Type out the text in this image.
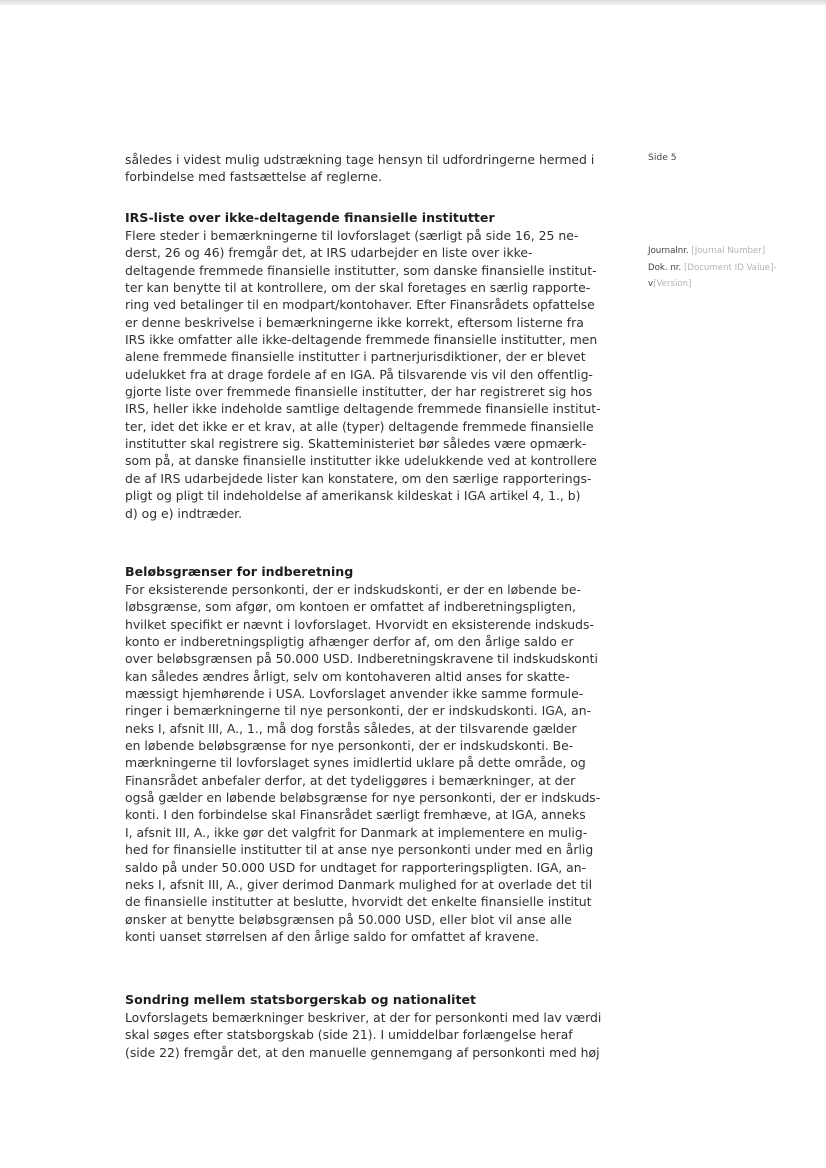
således i videst mulig udstrækning tage hensyn til udfordringerne hermed i
forbindelse med fastsættelse af reglerne.

IRS-liste over ikke-deltagende finansielle institutter

Flere steder i bemærkningerne til lovforslaget (særligt på side 16, 25 ne-
derst, 26 og 46) fremgår det, at IRS udarbejder en liste over ikke-
deltagende fremmede finansielle institutter, som danske finansielle institut-
ter kan benytte til at kontrollere, om der skal foretages en særlig rapporte-
ring ved betalinger til en modpart/kontohaver. Efter Finansrådets opfattelse
er denne beskrivelse i bemærkningerne ikke korrekt, eftersom listerne fra
IRS ikke omfatter alle ikke-deltagende fremmede finansielle institutter, men
alene fremmede finansielle institutter i partnerjurisdiktioner, der er blevet
udelukket fra at drage fordele af en IGA. På tilsvarende vis vil den offentlig-
gjorte liste over fremmede finansielle institutter, der har registreret sig hos
IRS, heller ikke indeholde samtlige deltagende fremmede finansielle institut-
ter, idet det ikke er et krav, at alle (typer) deltagende fremmede finansielle
institutter skal registrere sig. Skatteministeriet bør således være opmærk-
som på, at danske finansielle institutter ikke udelukkende ved at kontrollere
de af IRS udarbejdede lister kan konstatere, om den særlige rapporterings-
pligt og pligt til indeholdelse af amerikansk kildeskat i IGA artikel 4, 1., b)
d) og e) indtræder.

Beløbsgrænser for indberetning

For eksisterende personkonti, der er indskudskonti, er der en løbende be-
løbsgrænse, som afgør, om kontoen er omfattet af indberetningspligten,
hvilket specifikt er nævnt i lovforslaget. Hvorvidt en eksisterende indskuds-
konto er indberetningspligtig afhænger derfor af, om den årlige saldo er
over beløbsgrænsen på 50.000 USD. Indberetningskravene til indskudskonti
kan således ændres årligt, selv om kontohaveren altid anses for skatte-
mæssigt hjemhørende i USA. Lovforslaget anvender ikke samme formule-
ringer i bemærkningerne til nye personkonti, der er indskudskonti. IGA, an-
neks I, afsnit III, A., 1., må dog forstås således, at der tilsvarende gælder
en løbende beløbsgrænse for nye personkonti, der er indskudskonti. Be-
mærkningerne til lovforslaget synes imidlertid uklare på dette område, og
Finansrådet anbefaler derfor, at det tydeliggøres i bemærkninger, at der
også gælder en løbende beløbsgrænse for nye personkonti, der er indskuds-
konti. I den forbindelse skal Finansrådet særligt fremhæve, at IGA, anneks
I, afsnit III, A., ikke gør det valgfrit for Danmark at implementere en mulig-
hed for finansielle institutter til at anse nye personkonti under med en årlig
saldo på under 50.000 USD for undtaget for rapporteringspligten. IGA, an-
neks I, afsnit III, A., giver derimod Danmark mulighed for at overlade det til
de finansielle institutter at beslutte, hvorvidt det enkelte finansielle institut
ønsker at benytte beløbsgrænsen på 50.000 USD, eller blot vil anse alle
konti uanset størrelsen af den årlige saldo for omfattet af kravene.

Sondring mellem statsborgerskab og nationalitet

Lovforslagets bemærkninger beskriver, at der for personkonti med lav værdi
skal søges efter statsborgskab (side 21). I umiddelbar forlængelse heraf
(side 22) fremgår det, at den manuelle gennemgang af personkonti med høj

Side 5
Journalnr. [Journal Number]
Dok. nr. [Document ID Value]-
v[Version]
